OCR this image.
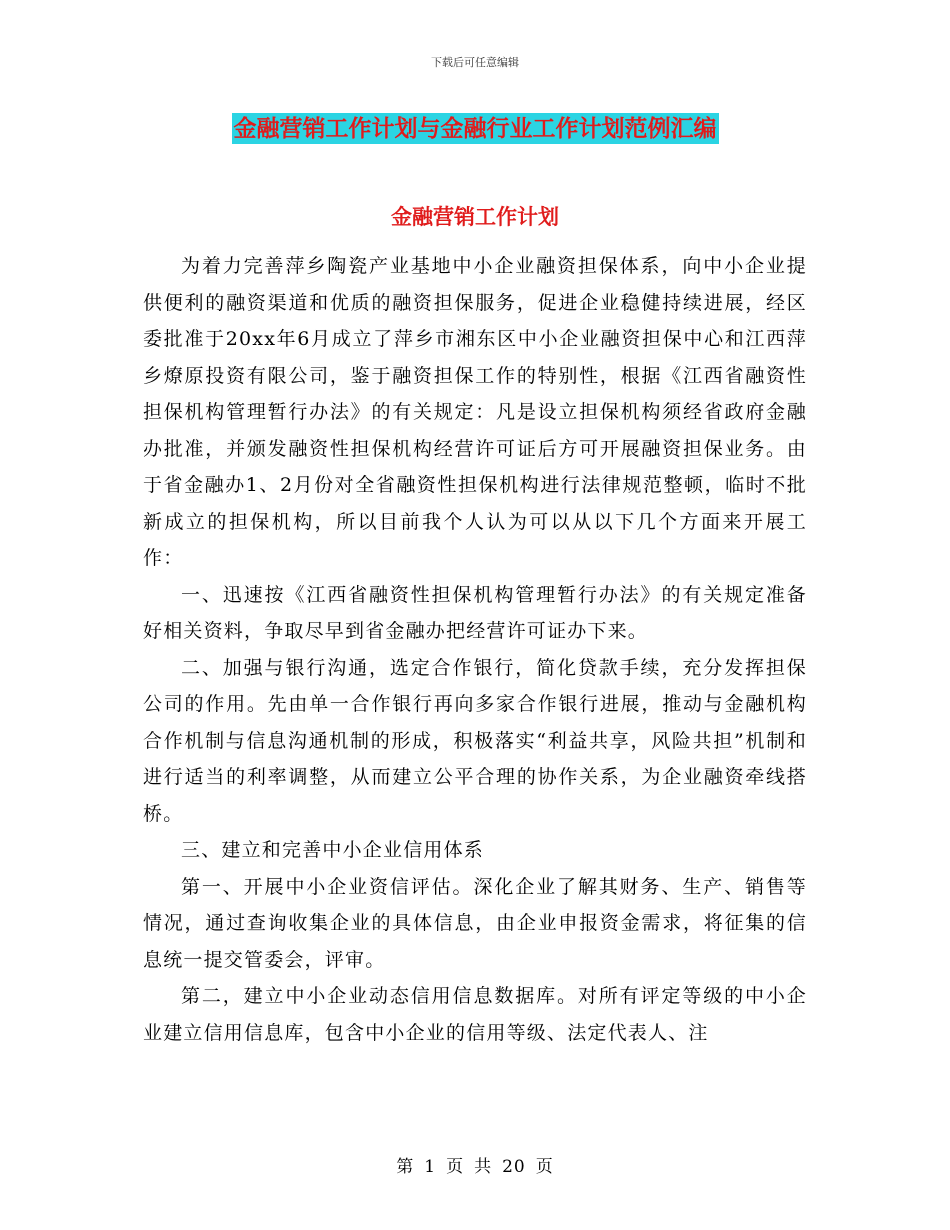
下载后可任意编辑
金融营销工作计划与金融行业工作计划范例汇编
金融营销工作计划

为着力完善萍乡陶瓷产业基地中小企业融资担保体系，向中小企业提供便利的融资渠道和优质的融资担保服务，促进企业稳健持续进展，经区委批准于20xx年6月成立了萍乡市湘东区中小企业融资担保中心和江西萍乡燎原投资有限公司，鉴于融资担保工作的特别性，根据《江西省融资性担保机构管理暂行办法》的有关规定：凡是设立担保机构须经省政府金融办批准，并颁发融资性担保机构经营许可证后方可开展融资担保业务。由于省金融办1、2月份对全省融资性担保机构进行法律规范整顿，临时不批新成立的担保机构，所以目前我个人认为可以从以下几个方面来开展工作：

一、迅速按《江西省融资性担保机构管理暂行办法》的有关规定准备好相关资料，争取尽早到省金融办把经营许可证办下来。

二、加强与银行沟通，选定合作银行，简化贷款手续，充分发挥担保公司的作用。先由单一合作银行再向多家合作银行进展，推动与金融机构合作机制与信息沟通机制的形成，积极落实“利益共享，风险共担”机制和进行适当的利率调整，从而建立公平合理的协作关系，为企业融资牵线搭桥。

三、建立和完善中小企业信用体系

第一、开展中小企业资信评估。深化企业了解其财务、生产、销售等情况，通过查询收集企业的具体信息，由企业申报资金需求，将征集的信息统一提交管委会，评审。

第二，建立中小企业动态信用信息数据库。对所有评定等级的中小企业建立信用信息库，包含中小企业的信用等级、法定代表人、注

第 1 页 共 20 页
